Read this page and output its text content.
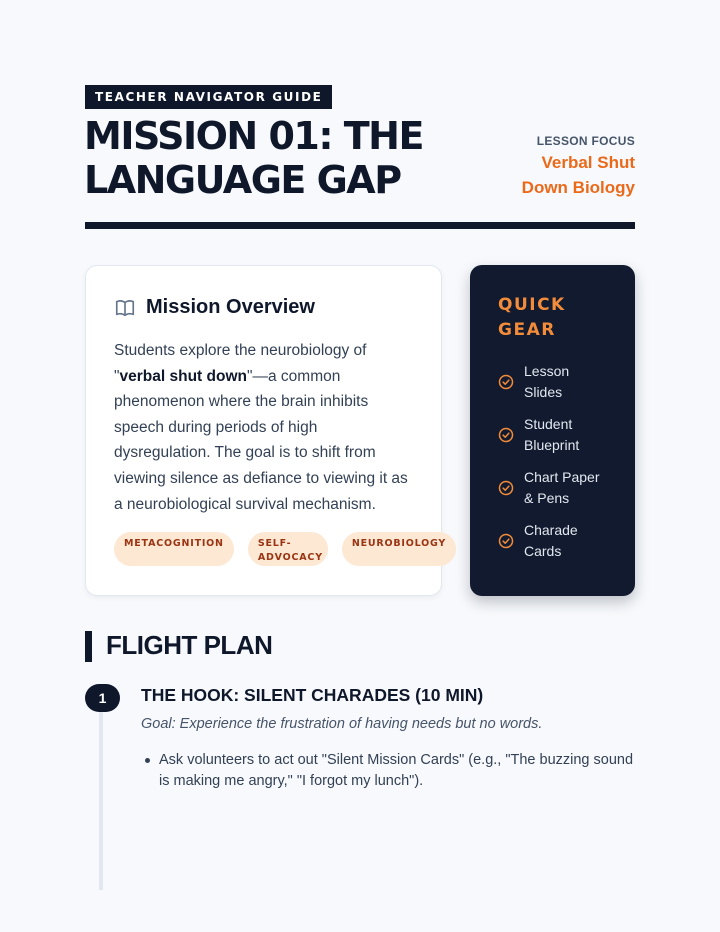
TEACHER NAVIGATOR GUIDE
MISSION 01: THE LANGUAGE GAP
LESSON FOCUS
Verbal Shut Down Biology
Mission Overview

Students explore the neurobiology of "verbal shut down"—a common phenomenon where the brain inhibits speech during periods of high dysregulation. The goal is to shift from viewing silence as defiance to viewing it as a neurobiological survival mechanism.

METACOGNITION	SELF-ADVOCACY
NEUROBIOLOGY
QUICK GEAR
Lesson Slides
Student Blueprint
Chart Paper & Pens
Charade Cards
FLIGHT PLAN
1	THE HOOK: SILENT CHARADES (10 MIN)

Goal: Experience the frustration of having needs but no words.

Ask volunteers to act out "Silent Mission Cards" (e.g., "The buzzing sound is making me angry," "I forgot my lunch").
